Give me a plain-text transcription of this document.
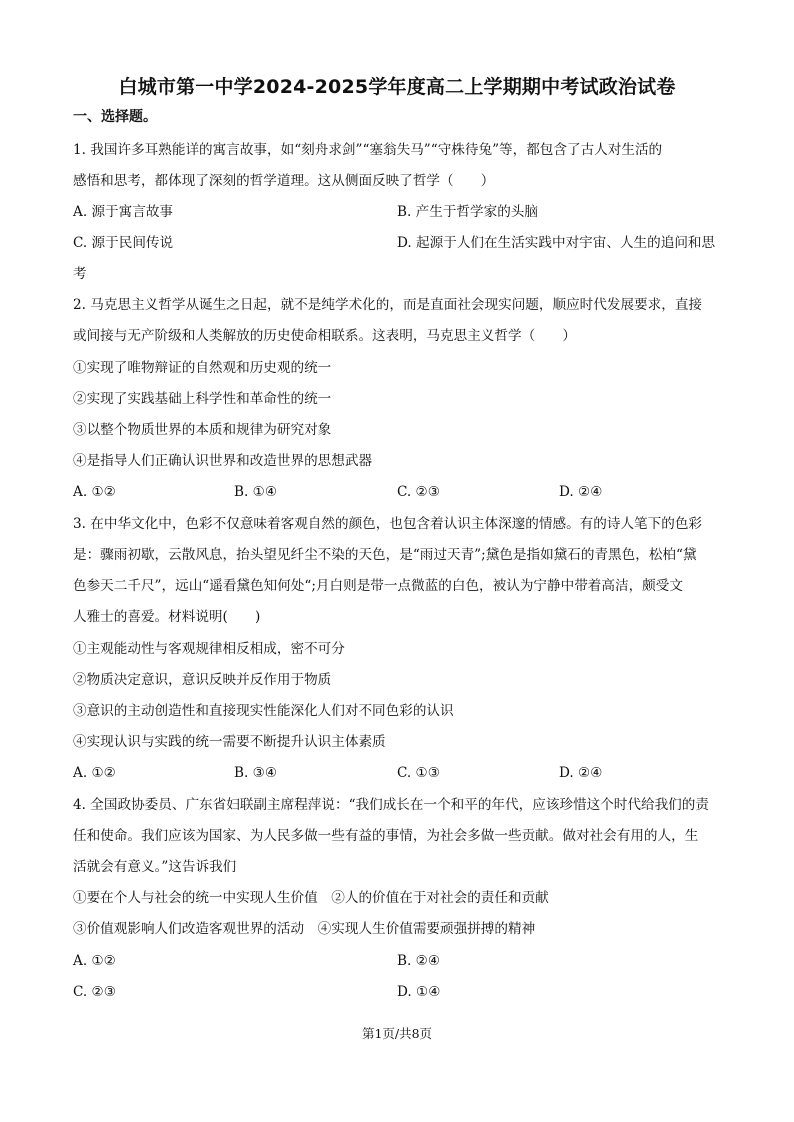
白城市第一中学2024-2025学年度高二上学期期中考试政治试卷
一、选择题。
1. 我国许多耳熟能详的寓言故事，如“刻舟求剑”“塞翁失马”“守株待兔”等，都包含了古人对生活的
感悟和思考，都体现了深刻的哲学道理。这从侧面反映了哲学（　　）
A. 源于寓言故事	B. 产生于哲学家的头脑
C. 源于民间传说	D. 起源于人们在生活实践中对宇宙、人生的追问和思
考
2. 马克思主义哲学从诞生之日起，就不是纯学术化的，而是直面社会现实问题，顺应时代发展要求，直接
或间接与无产阶级和人类解放的历史使命相联系。这表明，马克思主义哲学（　　）
①实现了唯物辩证的自然观和历史观的统一
②实现了实践基础上科学性和革命性的统一
③以整个物质世界的本质和规律为研究对象
④是指导人们正确认识世界和改造世界的思想武器
A. ①②	B. ①④	C. ②③	D. ②④
3. 在中华文化中，色彩不仅意味着客观自然的颜色，也包含着认识主体深邃的情感。有的诗人笔下的色彩
是：骤雨初歇，云散风息，抬头望见纤尘不染的天色，是“雨过天青”;黛色是指如黛石的青黑色，松柏“黛
色参天二千尺”，远山“遥看黛色知何处“;月白则是带一点微蓝的白色，被认为宁静中带着高洁，颇受文
人雅士的喜爱。材料说明(　　)
①主观能动性与客观规律相反相成，密不可分
②物质决定意识，意识反映并反作用于物质
③意识的主动创造性和直接现实性能深化人们对不同色彩的认识
④实现认识与实践的统一需要不断提升认识主体素质
A. ①②	B. ③④	C. ①③	D. ②④
4. 全国政协委员、广东省妇联副主席程萍说：“我们成长在一个和平的年代，应该珍惜这个时代给我们的责
任和使命。我们应该为国家、为人民多做一些有益的事情，为社会多做一些贡献。做对社会有用的人，生
活就会有意义。”这告诉我们
①要在个人与社会的统一中实现人生价值　②人的价值在于对社会的责任和贡献
③价值观影响人们改造客观世界的活动　④实现人生价值需要顽强拼搏的精神
A. ①②	B. ②④
C. ②③	D. ①④
第1页/共8页
